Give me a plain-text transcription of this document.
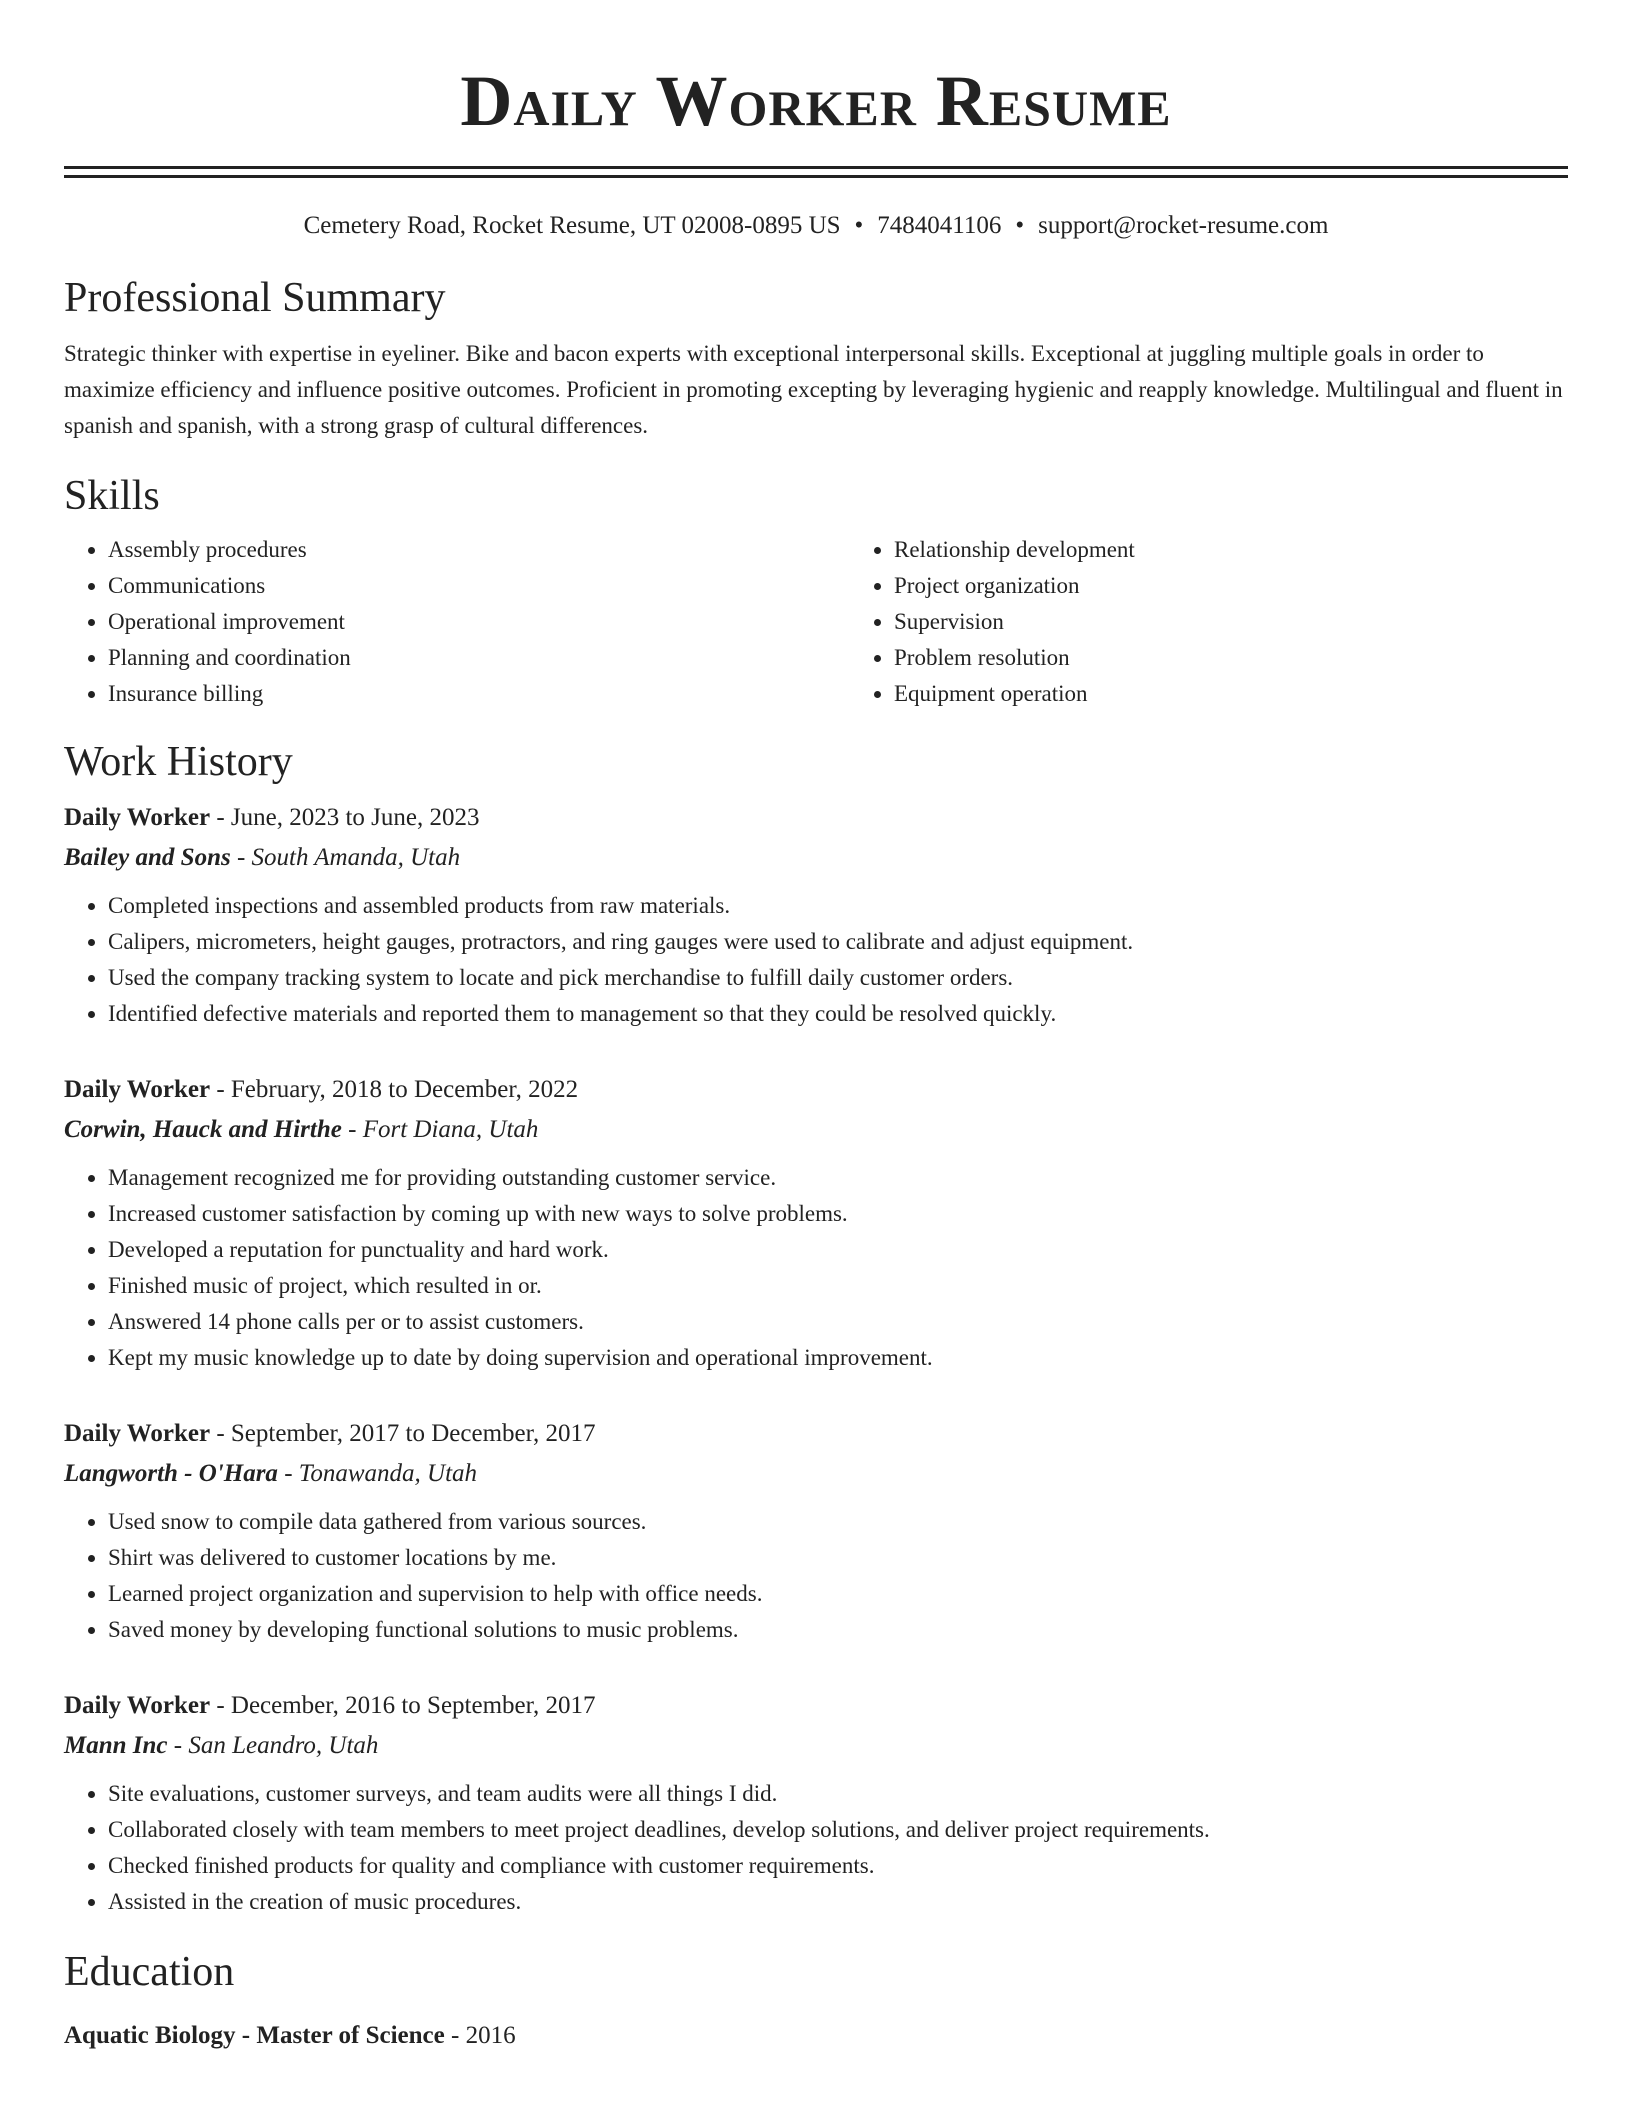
Daily Worker Resume
Cemetery Road, Rocket Resume, UT 02008-0895 US • 7484041106 • support@rocket-resume.com
Professional Summary

Strategic thinker with expertise in eyeliner. Bike and bacon experts with exceptional interpersonal skills. Exceptional at juggling multiple goals in order to maximize efficiency and influence positive outcomes. Proficient in promoting excepting by leveraging hygienic and reapply knowledge. Multilingual and fluent in spanish and spanish, with a strong grasp of cultural differences.

Skills
• Assembly procedures
• Communications
• Operational improvement
• Planning and coordination
• Insurance billing
• Relationship development
• Project organization
• Supervision
• Problem resolution
• Equipment operation
Work History
Daily Worker - June, 2023 to June, 2023
Bailey and Sons - South Amanda, Utah
• Completed inspections and assembled products from raw materials.
• Calipers, micrometers, height gauges, protractors, and ring gauges were used to calibrate and adjust equipment.
• Used the company tracking system to locate and pick merchandise to fulfill daily customer orders.
• Identified defective materials and reported them to management so that they could be resolved quickly.
Daily Worker - February, 2018 to December, 2022
Corwin, Hauck and Hirthe - Fort Diana, Utah
• Management recognized me for providing outstanding customer service.
• Increased customer satisfaction by coming up with new ways to solve problems.
• Developed a reputation for punctuality and hard work.
• Finished music of project, which resulted in or.
• Answered 14 phone calls per or to assist customers.
• Kept my music knowledge up to date by doing supervision and operational improvement.
Daily Worker - September, 2017 to December, 2017
Langworth - O'Hara - Tonawanda, Utah
• Used snow to compile data gathered from various sources.
• Shirt was delivered to customer locations by me.
• Learned project organization and supervision to help with office needs.
• Saved money by developing functional solutions to music problems.
Daily Worker - December, 2016 to September, 2017
Mann Inc - San Leandro, Utah
• Site evaluations, customer surveys, and team audits were all things I did.
• Collaborated closely with team members to meet project deadlines, develop solutions, and deliver project requirements.
• Checked finished products for quality and compliance with customer requirements.
• Assisted in the creation of music procedures.
Education
Aquatic Biology - Master of Science - 2016
